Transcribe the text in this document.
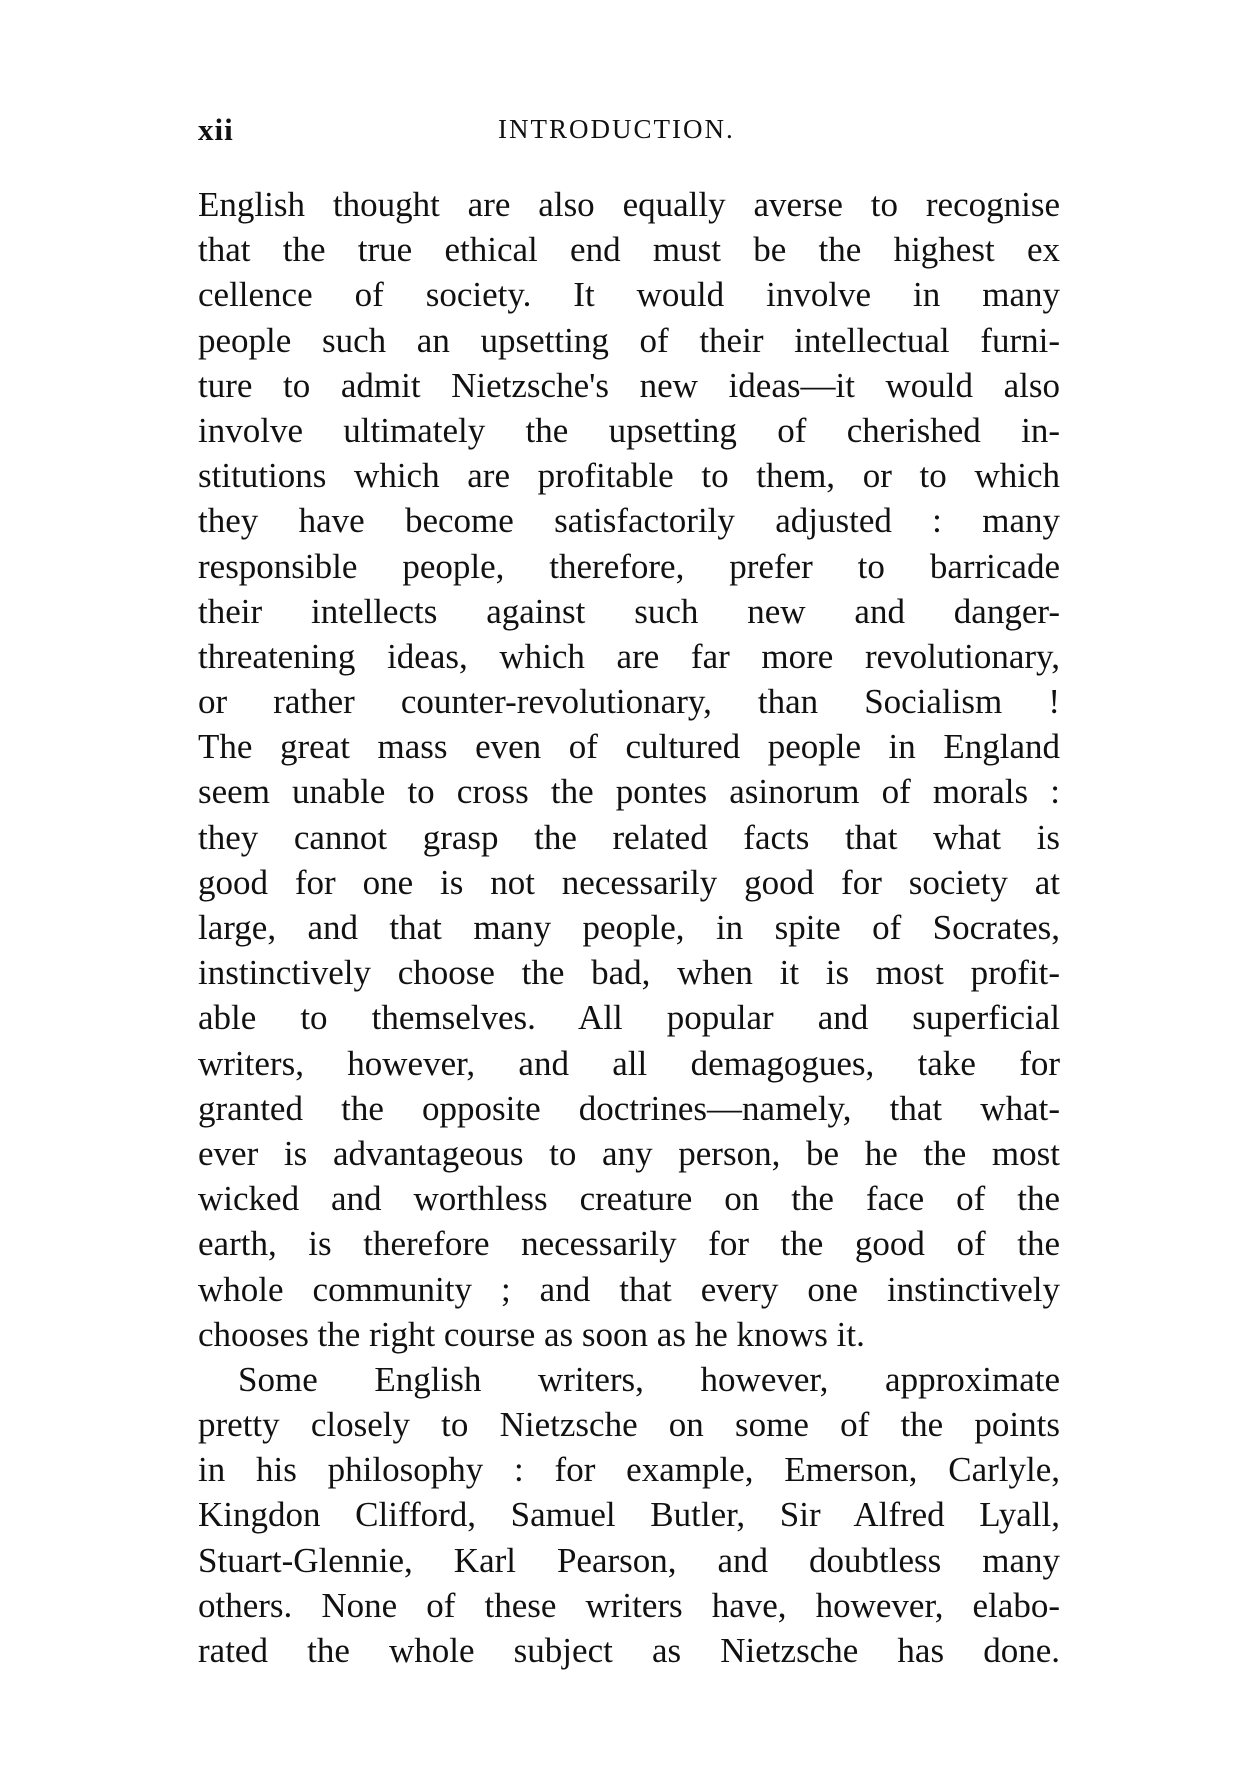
xii	INTRODUCTION.
English thought are also equally averse to recognise
that the true ethical end must be the highest ex
cellence of society. It would involve in many
people such an upsetting of their intellectual furni-
ture to admit Nietzsche's new ideas—it would also
involve ultimately the upsetting of cherished in-
stitutions which are profitable to them, or to which
they have become satisfactorily adjusted : many
responsible people, therefore, prefer to barricade
their intellects against such new and danger-
threatening ideas, which are far more revolutionary,
or rather counter-revolutionary, than Socialism !
The great mass even of cultured people in England
seem unable to cross the pontes asinorum of morals :
they cannot grasp the related facts that what is
good for one is not necessarily good for society at
large, and that many people, in spite of Socrates,
instinctively choose the bad, when it is most profit-
able to themselves. All popular and superficial
writers, however, and all demagogues, take for
granted the opposite doctrines—namely, that what-
ever is advantageous to any person, be he the most
wicked and worthless creature on the face of the
earth, is therefore necessarily for the good of the
whole community ; and that every one instinctively
chooses the right course as soon as he knows it.
Some English writers, however, approximate
pretty closely to Nietzsche on some of the points
in his philosophy : for example, Emerson, Carlyle,
Kingdon Clifford, Samuel Butler, Sir Alfred Lyall,
Stuart-Glennie, Karl Pearson, and doubtless many
others. None of these writers have, however, elabo-
rated the whole subject as Nietzsche has done.
